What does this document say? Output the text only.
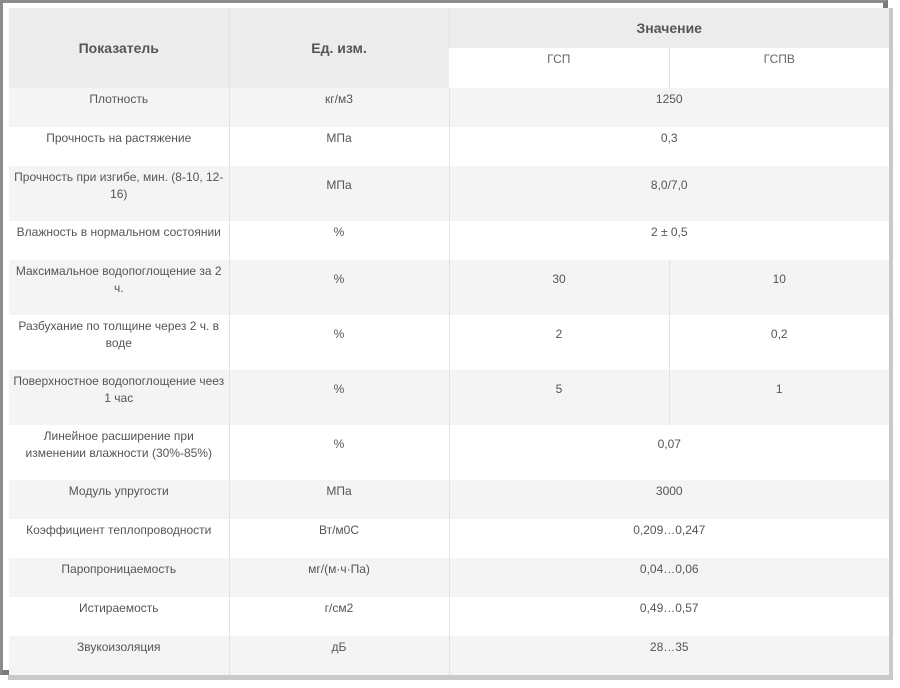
Показатель	Ед. изм.	Значение	
		ГСП	ГСПВ
Плотность	кг/м3	1250	
Прочность на растяжение	МПа	0,3	
Прочность при изгибе, мин. (8-10, 12-16)	МПа	8,0/7,0	
Влажность в нормальном состоянии	%	2 ± 0,5	
Максимальное водопоглощение за 2 ч.	%	30	10
Разбухание по толщине через 2 ч. в воде	%	2	0,2
Поверхностное водопоглощение чеез 1 час	%	5	1
Линейное расширение при изменении влажности (30%-85%)	%	0,07	
Модуль упругости	МПа	3000	
Коэффициент теплопроводности	Вт/м0С	0,209…0,247	
Паропроницаемость	мг/(м·ч·Па)	0,04…0,06	
Истираемость	г/см2	0,49…0,57	
Звукоизоляция	дБ	28…35	
